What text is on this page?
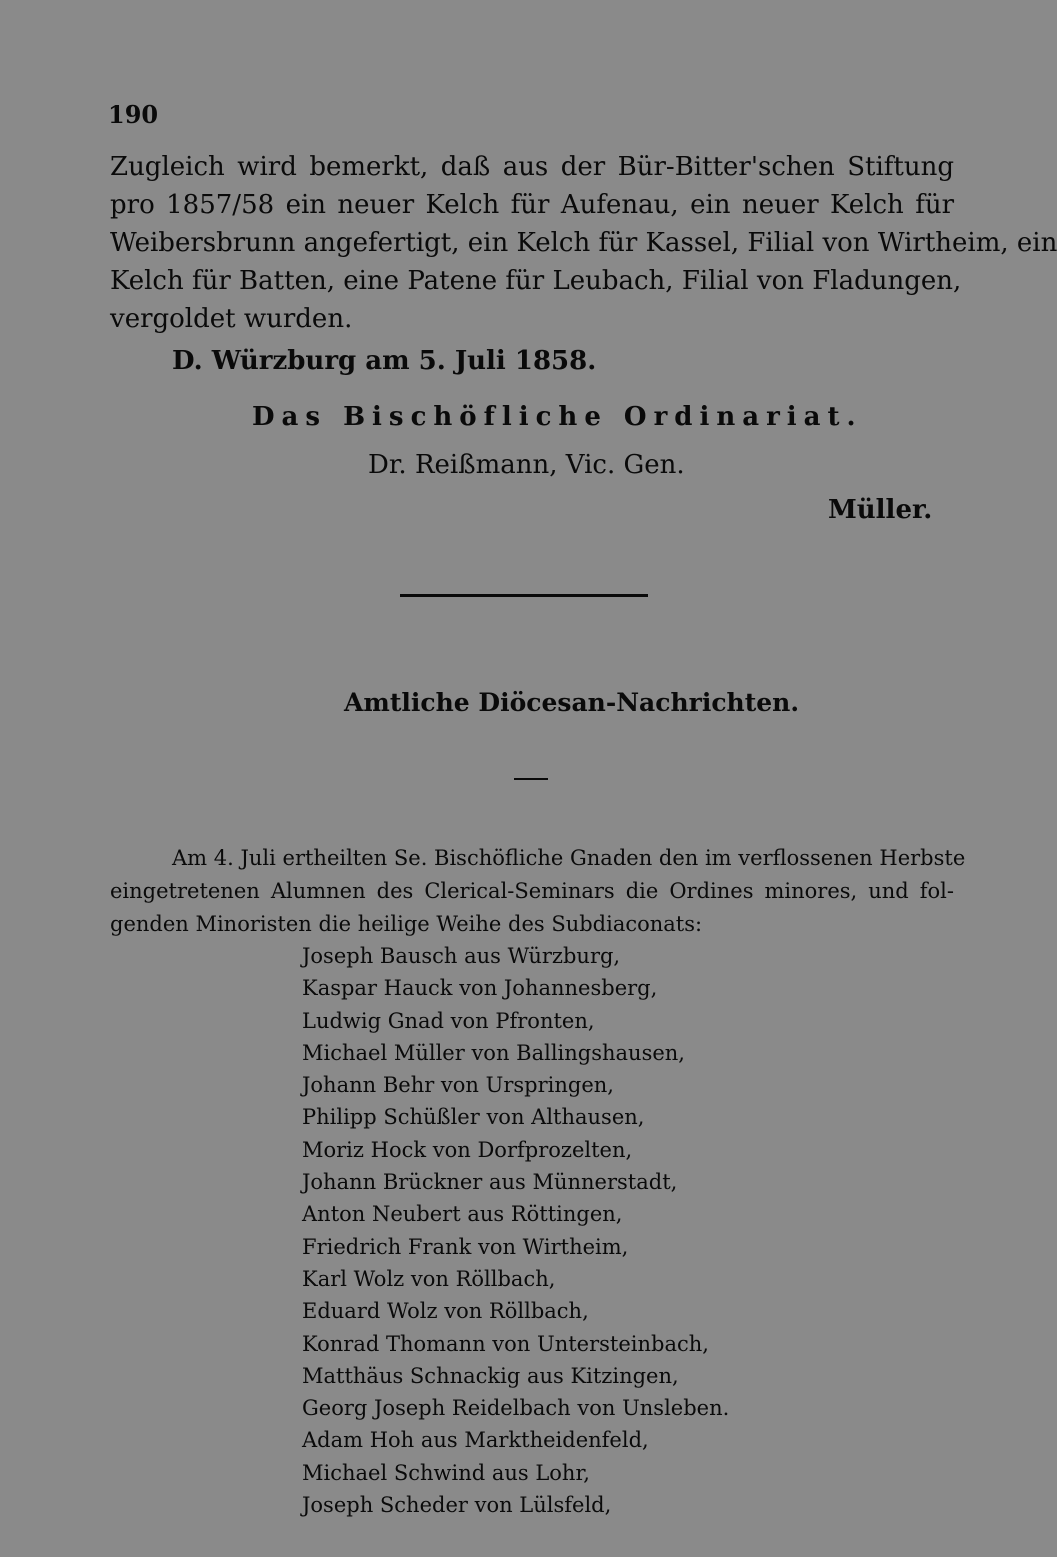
190
Zugleich wird bemerkt, daß aus der Bür-Bitter'schen Stiftung
pro 1857/58 ein neuer Kelch für Aufenau, ein neuer Kelch für
Weibersbrunn angefertigt, ein Kelch für Kassel, Filial von Wirtheim, ein
Kelch für Batten, eine Patene für Leubach, Filial von Fladungen,
vergoldet wurden.
D. Würzburg am 5. Juli 1858.
Das Bischöfliche Ordinariat.
Dr. Reißmann, Vic. Gen.
Müller.
Amtliche Diöcesan-Nachrichten.
Am 4. Juli ertheilten Se. Bischöfliche Gnaden den im verflossenen Herbste
eingetretenen Alumnen des Clerical-Seminars die Ordines minores, und fol-
genden Minoristen die heilige Weihe des Subdiaconats:
Joseph Bausch aus Würzburg,
Kaspar Hauck von Johannesberg,
Ludwig Gnad von Pfronten,
Michael Müller von Ballingshausen,
Johann Behr von Urspringen,
Philipp Schüßler von Althausen,
Moriz Hock von Dorfprozelten,
Johann Brückner aus Münnerstadt,
Anton Neubert aus Röttingen,
Friedrich Frank von Wirtheim,
Karl Wolz von Röllbach,
Eduard Wolz von Röllbach,
Konrad Thomann von Untersteinbach,
Matthäus Schnackig aus Kitzingen,
Georg Joseph Reidelbach von Unsleben.
Adam Hoh aus Marktheidenfeld,
Michael Schwind aus Lohr,
Joseph Scheder von Lülsfeld,
